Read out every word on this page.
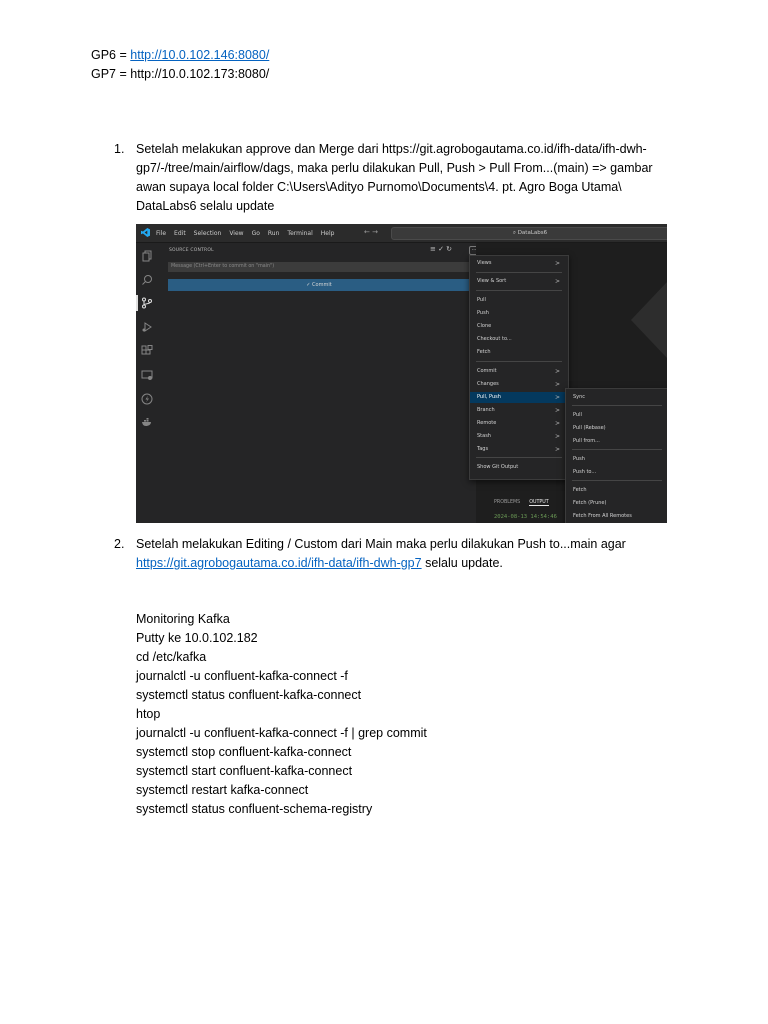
GP6 = http://10.0.102.146:8080/
GP7 = http://10.0.102.173:8080/
1. Setelah melakukan approve dan Merge dari https://git.agrobogautama.co.id/ifh-data/ifh-dwh-
gp7/-/tree/main/airflow/dags, maka perlu dilakukan Pull, Push > Pull From...(main) => gambar
awan supaya local folder C:\Users\Adityo Purnomo\Documents\4. pt. Agro Boga Utama\
DataLabs6 selalu update
File Edit Selection View Go Run Terminal Help	← →	⌕ DataLabs6
SOURCE CONTROL	≡ ✓ ↻	···
Message (Ctrl+Enter to commit on "main")
✓ Commit
PROBLEMS OUTPUT
2024-08-13 14:54:46
Views	>
View & Sort	>
Pull
Push
Clone
Checkout to...
Fetch
Commit	>
Changes	>
Pull, Push	>
Branch	>
Remote	>
Stash	>
Tags	>
Show Git Output
Sync
Pull
Pull (Rebase)
Pull from...
Push
Push to...
Fetch
Fetch (Prune)
Fetch From All Remotes
2. Setelah melakukan Editing / Custom dari Main maka perlu dilakukan Push to...main agar
https://git.agrobogautama.co.id/ifh-data/ifh-dwh-gp7 selalu update.
Monitoring Kafka
Putty ke 10.0.102.182
cd /etc/kafka
journalctl -u confluent-kafka-connect -f
systemctl status confluent-kafka-connect
htop
journalctl -u confluent-kafka-connect -f | grep commit
systemctl stop confluent-kafka-connect
systemctl start confluent-kafka-connect
systemctl restart kafka-connect
systemctl status confluent-schema-registry
